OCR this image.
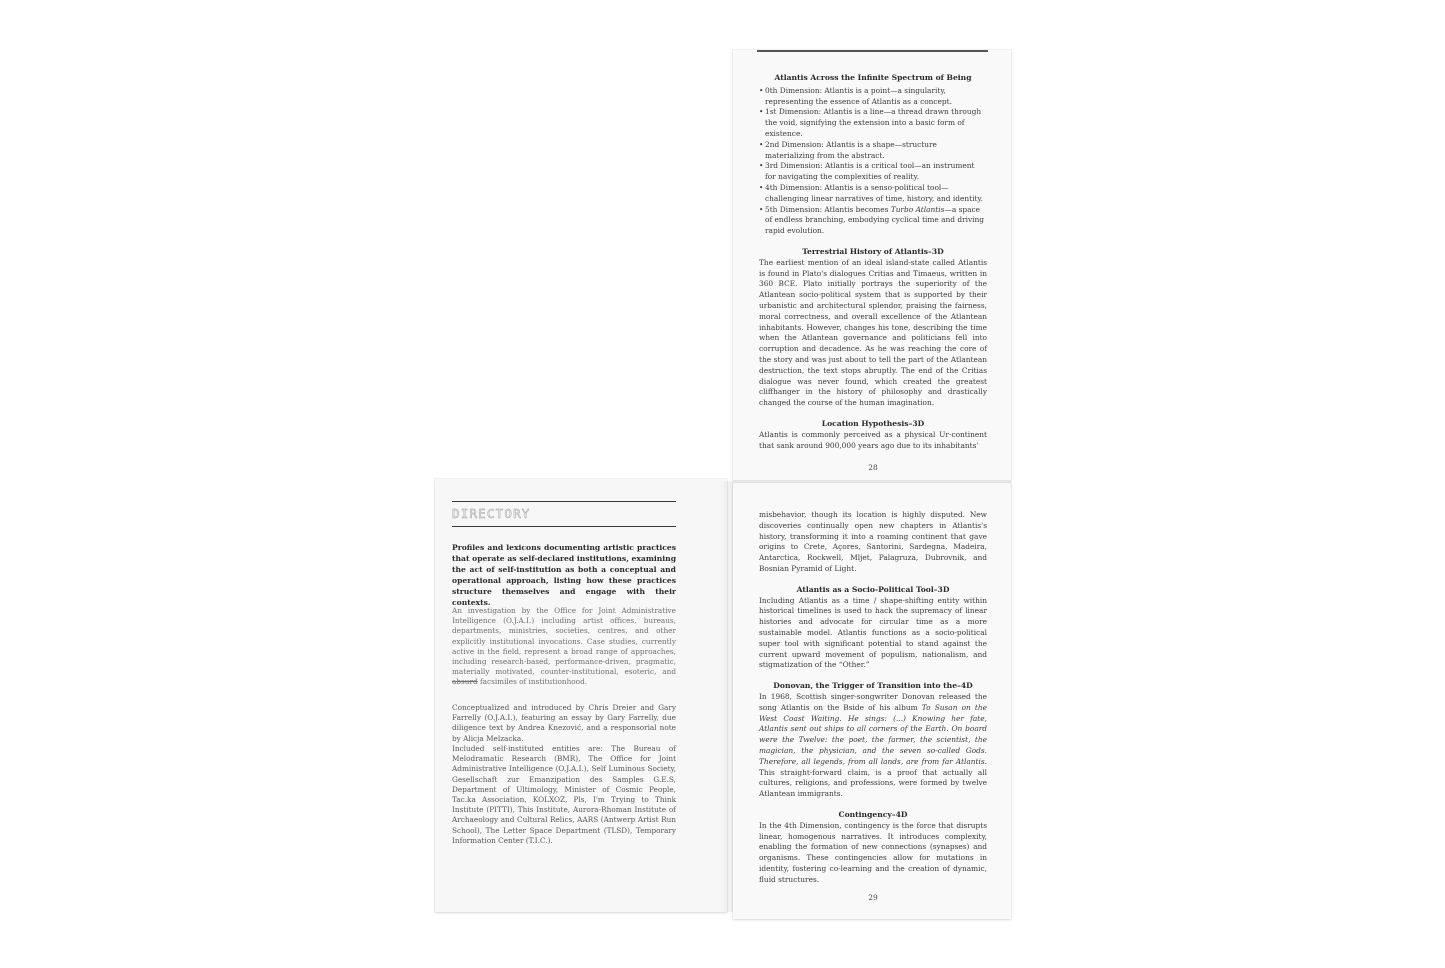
DIRECTORY
Profiles and lexicons documenting artistic practices that operate as self-declared institutions, examining the act of self-institution as both a conceptual and operational approach, listing how these practices structure themselves and engage with their contexts.
An investigation by the Office for Joint Administrative Intelligence (O.J.A.I.) including artist offices, bureaus, departments, ministries, societies, centres, and other explicitly institutional invocations. Case studies, currently active in the field, represent a broad range of approaches, including research-based, performance-driven, pragmatic, materially motivated, counter-institutional, esoteric, and absurd facsimiles of institutionhood.
Conceptualized and introduced by Chris Dreier and Gary Farrelly (O.J.A.I.), featuring an essay by Gary Farrelly, due diligence text by Andrea Knezović, and a responsorial note by Alicja Melzacka.
Included self-instituted entities are: The Bureau of Melodramatic Research (BMR), The Office for Joint Administrative Intelligence (O.J.A.I.), Self Luminous Society, Gesellschaft zur Emanzipation des Samples G.E.S, Department of Ultimology, Minister of Cosmic People, Tac.ka Association, KOLXOZ, Pls, I'm Trying to Think Institute (PITTI), This Institute, Aurora-Rhoman Institute of Archaeology and Cultural Relics, AARS (Antwerp Artist Run School), The Letter Space Department (TLSD), Temporary Information Center (T.I.C.).
Atlantis Across the Infinite Spectrum of Being
• 0th Dimension: Atlantis is a point—a singularity, representing the essence of Atlantis as a concept.
• 1st Dimension: Atlantis is a line—a thread drawn through the void, signifying the extension into a basic form of existence.
• 2nd Dimension: Atlantis is a shape—structure materializing from the abstract.
• 3rd Dimension: Atlantis is a critical tool—an instrument for navigating the complexities of reality.
• 4th Dimension: Atlantis is a senso-political tool—challenging linear narratives of time, history, and identity.
• 5th Dimension: Atlantis becomes Turbo Atlantis—a space of endless branching, embodying cyclical time and driving rapid evolution.
Terrestrial History of Atlantis–3D

The earliest mention of an ideal island-state called Atlantis is found in Plato's dialogues Critias and Timaeus, written in 360 BCE. Plato initially portrays the superiority of the Atlantean socio-political system that is supported by their urbanistic and architectural splendor, praising the fairness, moral correctness, and overall excellence of the Atlantean inhabitants. However, changes his tone, describing the time when the Atlantean governance and politicians fell into corruption and decadence. As he was reaching the core of the story and was just about to tell the part of the Atlantean destruction, the text stops abruptly. The end of the Critias dialogue was never found, which created the greatest cliffhanger in the history of philosophy and drastically changed the course of the human imagination.

Location Hypothesis–3D

Atlantis is commonly perceived as a physical Ur-continent that sank around 900,000 years ago due to its inhabitants'

28

misbehavior, though its location is highly disputed. New discoveries continually open new chapters in Atlantis's history, transforming it into a roaming continent that gave origins to Crete, Açores, Santorini, Sardegna, Madeira, Antarctica, Rockwell, Mljet, Palagruza, Dubrovnik, and Bosnian Pyramid of Light.

Atlantis as a Socio-Political Tool–3D

Including Atlantis as a time / shape-shifting entity within historical timelines is used to hack the supremacy of linear histories and advocate for circular time as a more sustainable model. Atlantis functions as a socio-political super tool with significant potential to stand against the current upward movement of populism, nationalism, and stigmatization of the “Other.”

Donovan, the Trigger of Transition into the–4D

In 1968, Scottish singer-songwriter Donovan released the song Atlantis on the Bside of his album To Susan on the West Coast Waiting. He sings: (...) Knowing her fate, Atlantis sent out ships to all corners of the Earth. On board were the Twelve: the poet, the farmer, the scientist, the magician, the physician, and the seven so-called Gods. Therefore, all legends, from all lands, are from far Atlantis. This straight-forward claim, is a proof that actually all cultures, religions, and professions, were formed by twelve Atlantean immigrants.

Contingency–4D

In the 4th Dimension, contingency is the force that disrupts linear, homogenous narratives. It introduces complexity, enabling the formation of new connections (synapses) and organisms. These contingencies allow for mutations in identity, fostering co-learning and the creation of dynamic, fluid structures.

29
